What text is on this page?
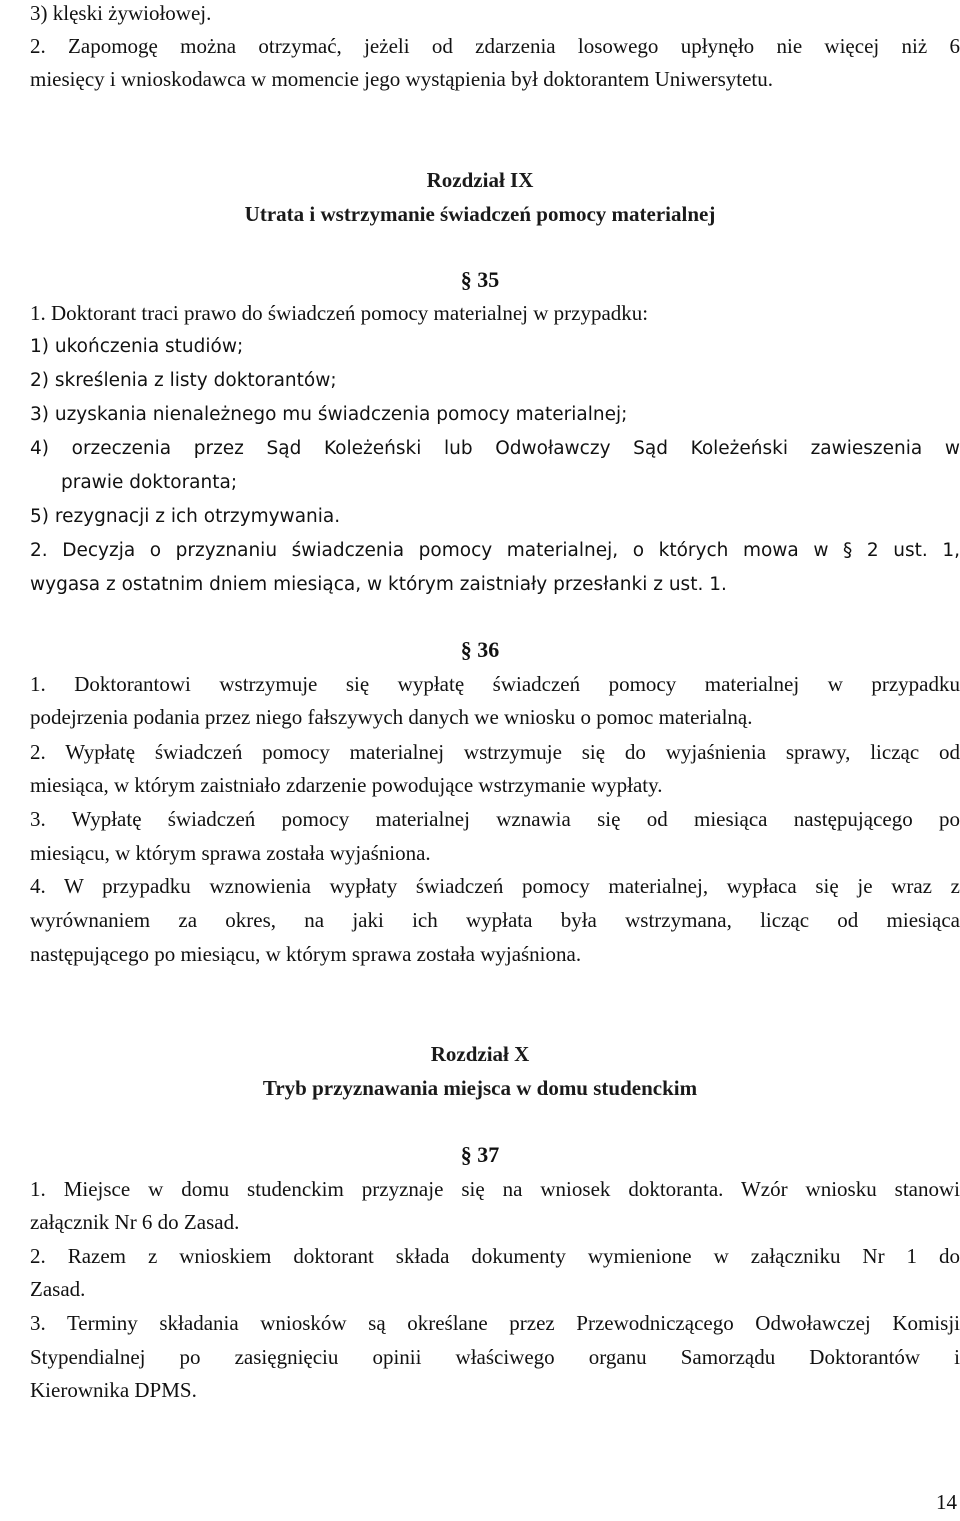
3) klęski żywiołowej.
2. Zapomogę można otrzymać, jeżeli od zdarzenia losowego upłynęło nie więcej niż 6
miesięcy i wnioskodawca w momencie jego wystąpienia był doktorantem Uniwersytetu.
Rozdział IX
Utrata i wstrzymanie świadczeń pomocy materialnej
§ 35
1. Doktorant traci prawo do świadczeń pomocy materialnej w przypadku:
1) ukończenia studiów;
2) skreślenia z listy doktorantów;
3) uzyskania nienależnego mu świadczenia pomocy materialnej;
4) orzeczenia przez Sąd Koleżeński lub Odwoławczy Sąd Koleżeński zawieszenia w
prawie doktoranta;
5) rezygnacji z ich otrzymywania.
2. Decyzja o przyznaniu świadczenia pomocy materialnej, o których mowa w § 2 ust. 1,
wygasa z ostatnim dniem miesiąca, w którym zaistniały przesłanki z ust. 1.
§ 36
1. Doktorantowi wstrzymuje się wypłatę świadczeń pomocy materialnej w przypadku
podejrzenia podania przez niego fałszywych danych we wniosku o pomoc materialną.
2. Wypłatę świadczeń pomocy materialnej wstrzymuje się do wyjaśnienia sprawy, licząc od
miesiąca, w którym zaistniało zdarzenie powodujące wstrzymanie wypłaty.
3. Wypłatę świadczeń pomocy materialnej wznawia się od miesiąca następującego po
miesiącu, w którym sprawa została wyjaśniona.
4. W przypadku wznowienia wypłaty świadczeń pomocy materialnej, wypłaca się je wraz z
wyrównaniem za okres, na jaki ich wypłata była wstrzymana, licząc od miesiąca
następującego po miesiącu, w którym sprawa została wyjaśniona.
Rozdział X
Tryb przyznawania miejsca w domu studenckim
§ 37
1. Miejsce w domu studenckim przyznaje się na wniosek doktoranta. Wzór wniosku stanowi
załącznik Nr 6 do Zasad.
2. Razem z wnioskiem doktorant składa dokumenty wymienione w załączniku Nr 1 do
Zasad.
3. Terminy składania wniosków są określane przez Przewodniczącego Odwoławczej Komisji
Stypendialnej po zasięgnięciu opinii właściwego organu Samorządu Doktorantów i
Kierownika DPMS.
14
